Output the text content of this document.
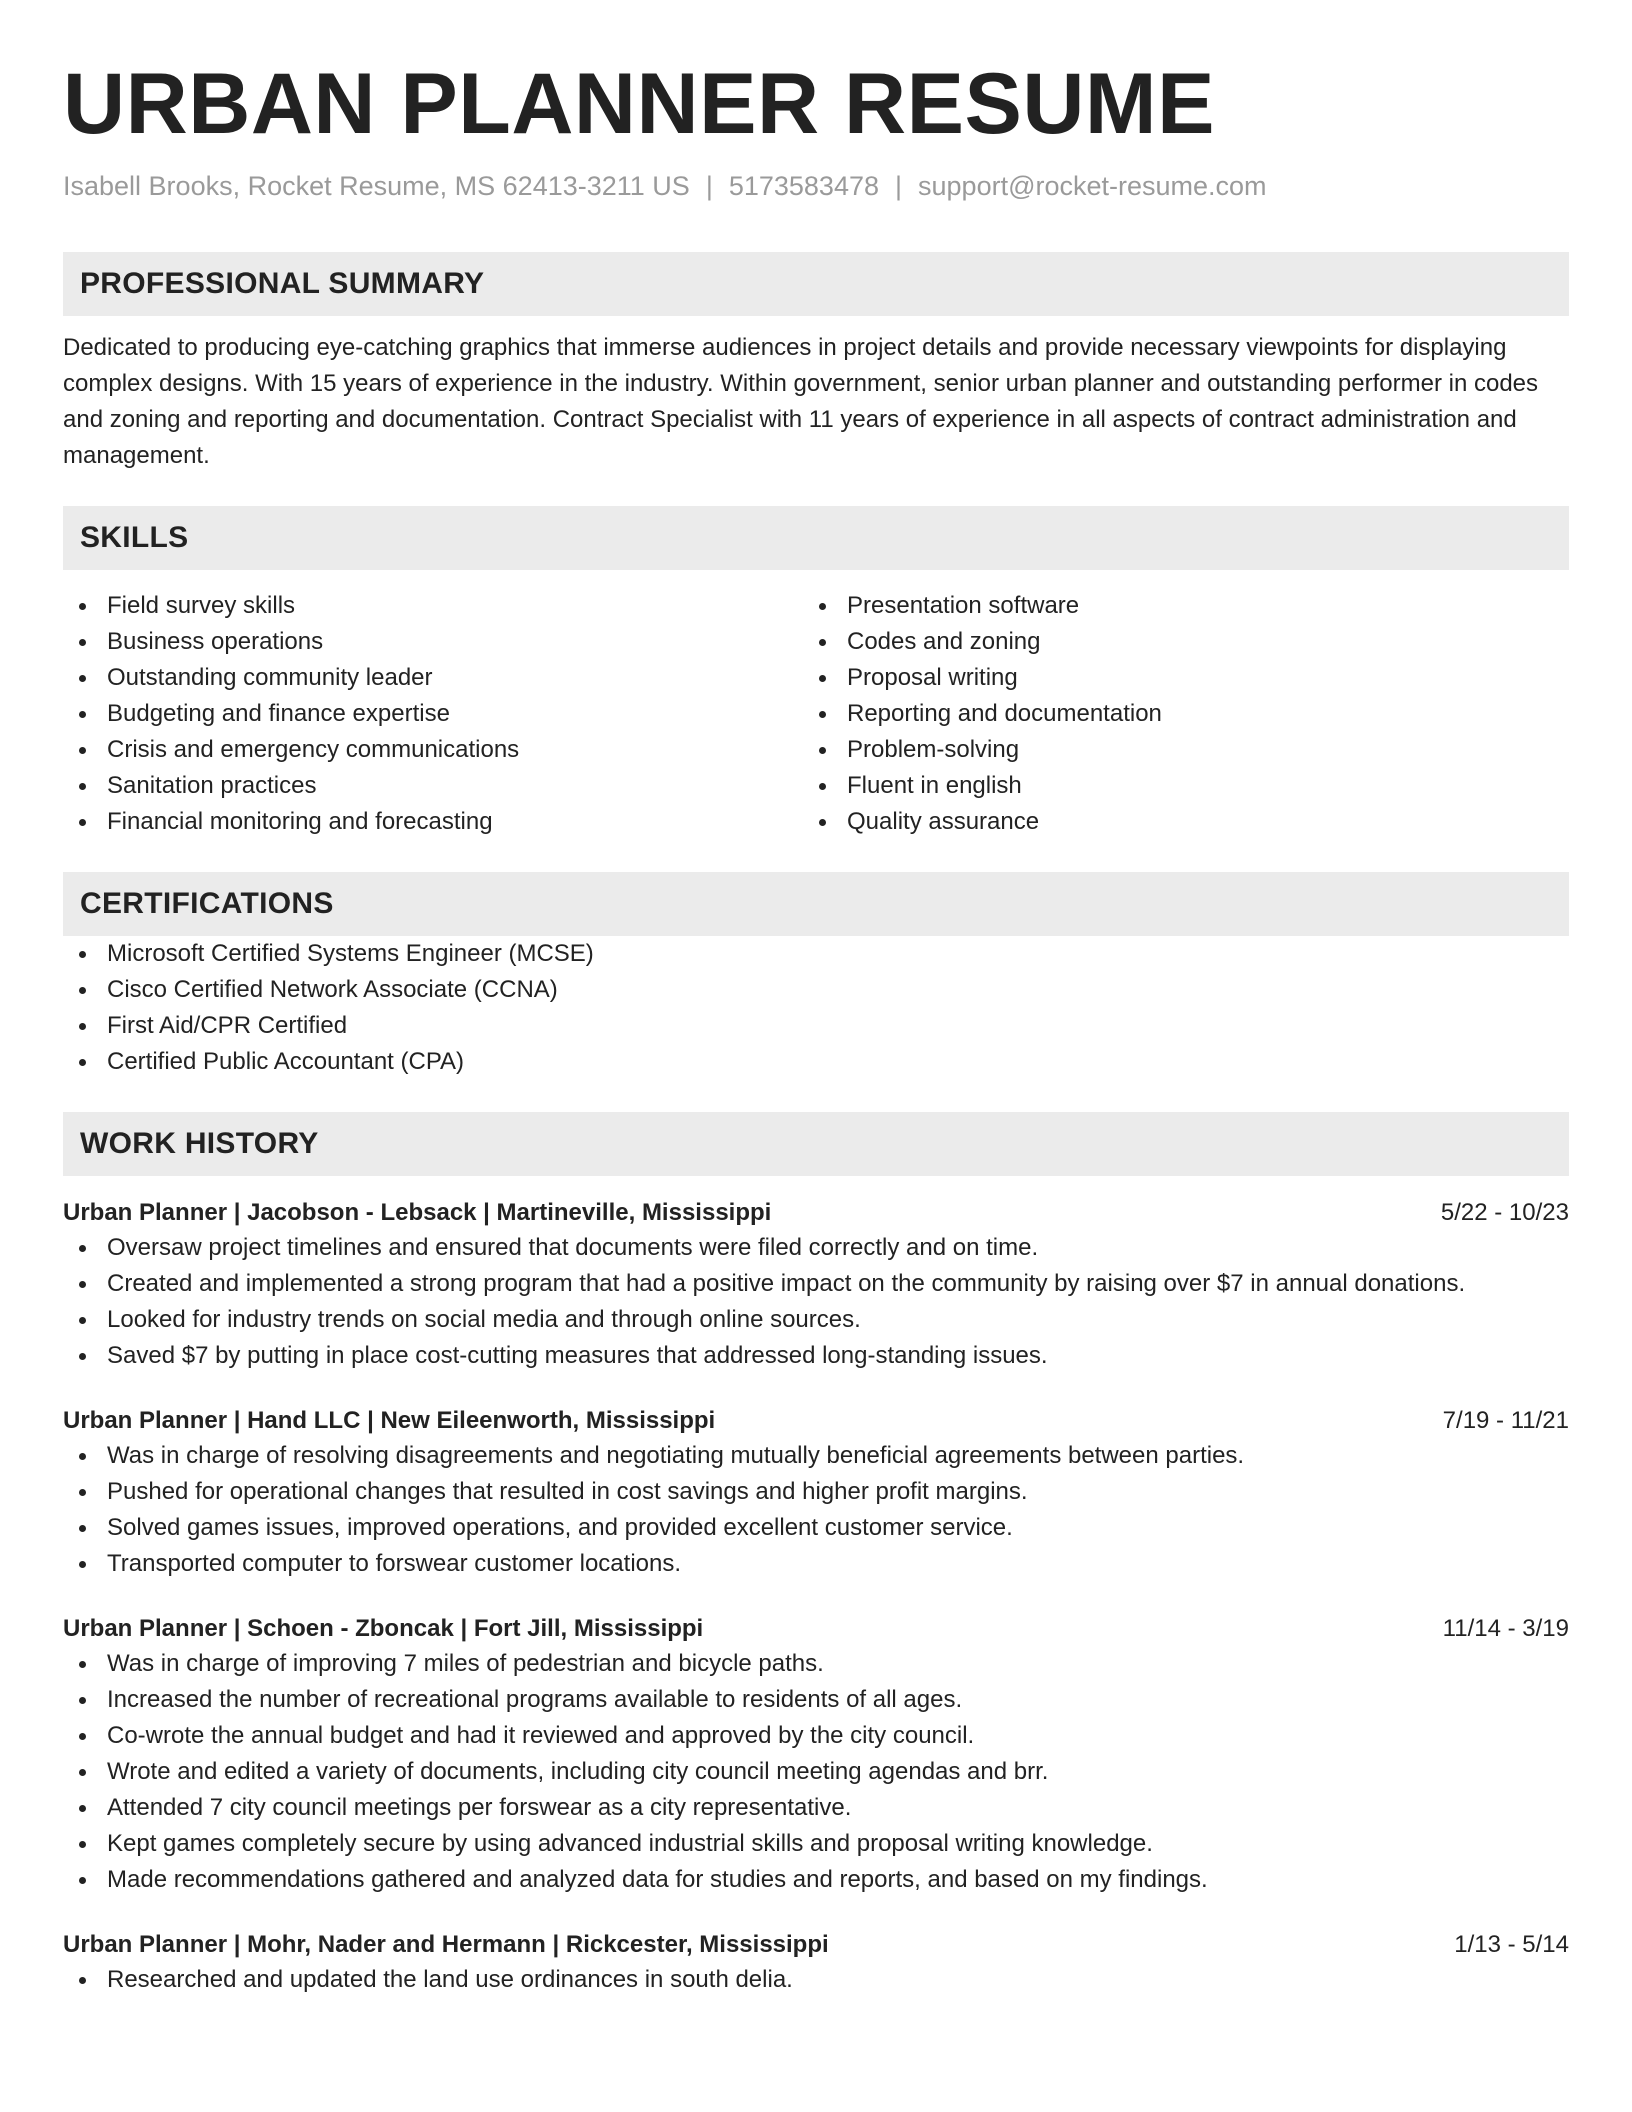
URBAN PLANNER RESUME
Isabell Brooks, Rocket Resume, MS 62413-3211 US | 5173583478 | support@rocket-resume.com
PROFESSIONAL SUMMARY

Dedicated to producing eye-catching graphics that immerse audiences in project details and provide necessary viewpoints for displaying complex designs. With 15 years of experience in the industry. Within government, senior urban planner and outstanding performer in codes and zoning and reporting and documentation. Contract Specialist with 11 years of experience in all aspects of contract administration and management.

SKILLS
Field survey skills
Business operations
Outstanding community leader
Budgeting and finance expertise
Crisis and emergency communications
Sanitation practices
Financial monitoring and forecasting
Presentation software
Codes and zoning
Proposal writing
Reporting and documentation
Problem-solving
Fluent in english
Quality assurance
CERTIFICATIONS
Microsoft Certified Systems Engineer (MCSE)
Cisco Certified Network Associate (CCNA)
First Aid/CPR Certified
Certified Public Accountant (CPA)
WORK HISTORY
Urban Planner | Jacobson - Lebsack | Martineville, Mississippi	5/22 - 10/23
Oversaw project timelines and ensured that documents were filed correctly and on time.
Created and implemented a strong program that had a positive impact on the community by raising over $7 in annual donations.
Looked for industry trends on social media and through online sources.
Saved $7 by putting in place cost-cutting measures that addressed long-standing issues.
Urban Planner | Hand LLC | New Eileenworth, Mississippi	7/19 - 11/21
Was in charge of resolving disagreements and negotiating mutually beneficial agreements between parties.
Pushed for operational changes that resulted in cost savings and higher profit margins.
Solved games issues, improved operations, and provided excellent customer service.
Transported computer to forswear customer locations.
Urban Planner | Schoen - Zboncak | Fort Jill, Mississippi	11/14 - 3/19
Was in charge of improving 7 miles of pedestrian and bicycle paths.
Increased the number of recreational programs available to residents of all ages.
Co-wrote the annual budget and had it reviewed and approved by the city council.
Wrote and edited a variety of documents, including city council meeting agendas and brr.
Attended 7 city council meetings per forswear as a city representative.
Kept games completely secure by using advanced industrial skills and proposal writing knowledge.
Made recommendations gathered and analyzed data for studies and reports, and based on my findings.
Urban Planner | Mohr, Nader and Hermann | Rickcester, Mississippi	1/13 - 5/14
Researched and updated the land use ordinances in south delia.
